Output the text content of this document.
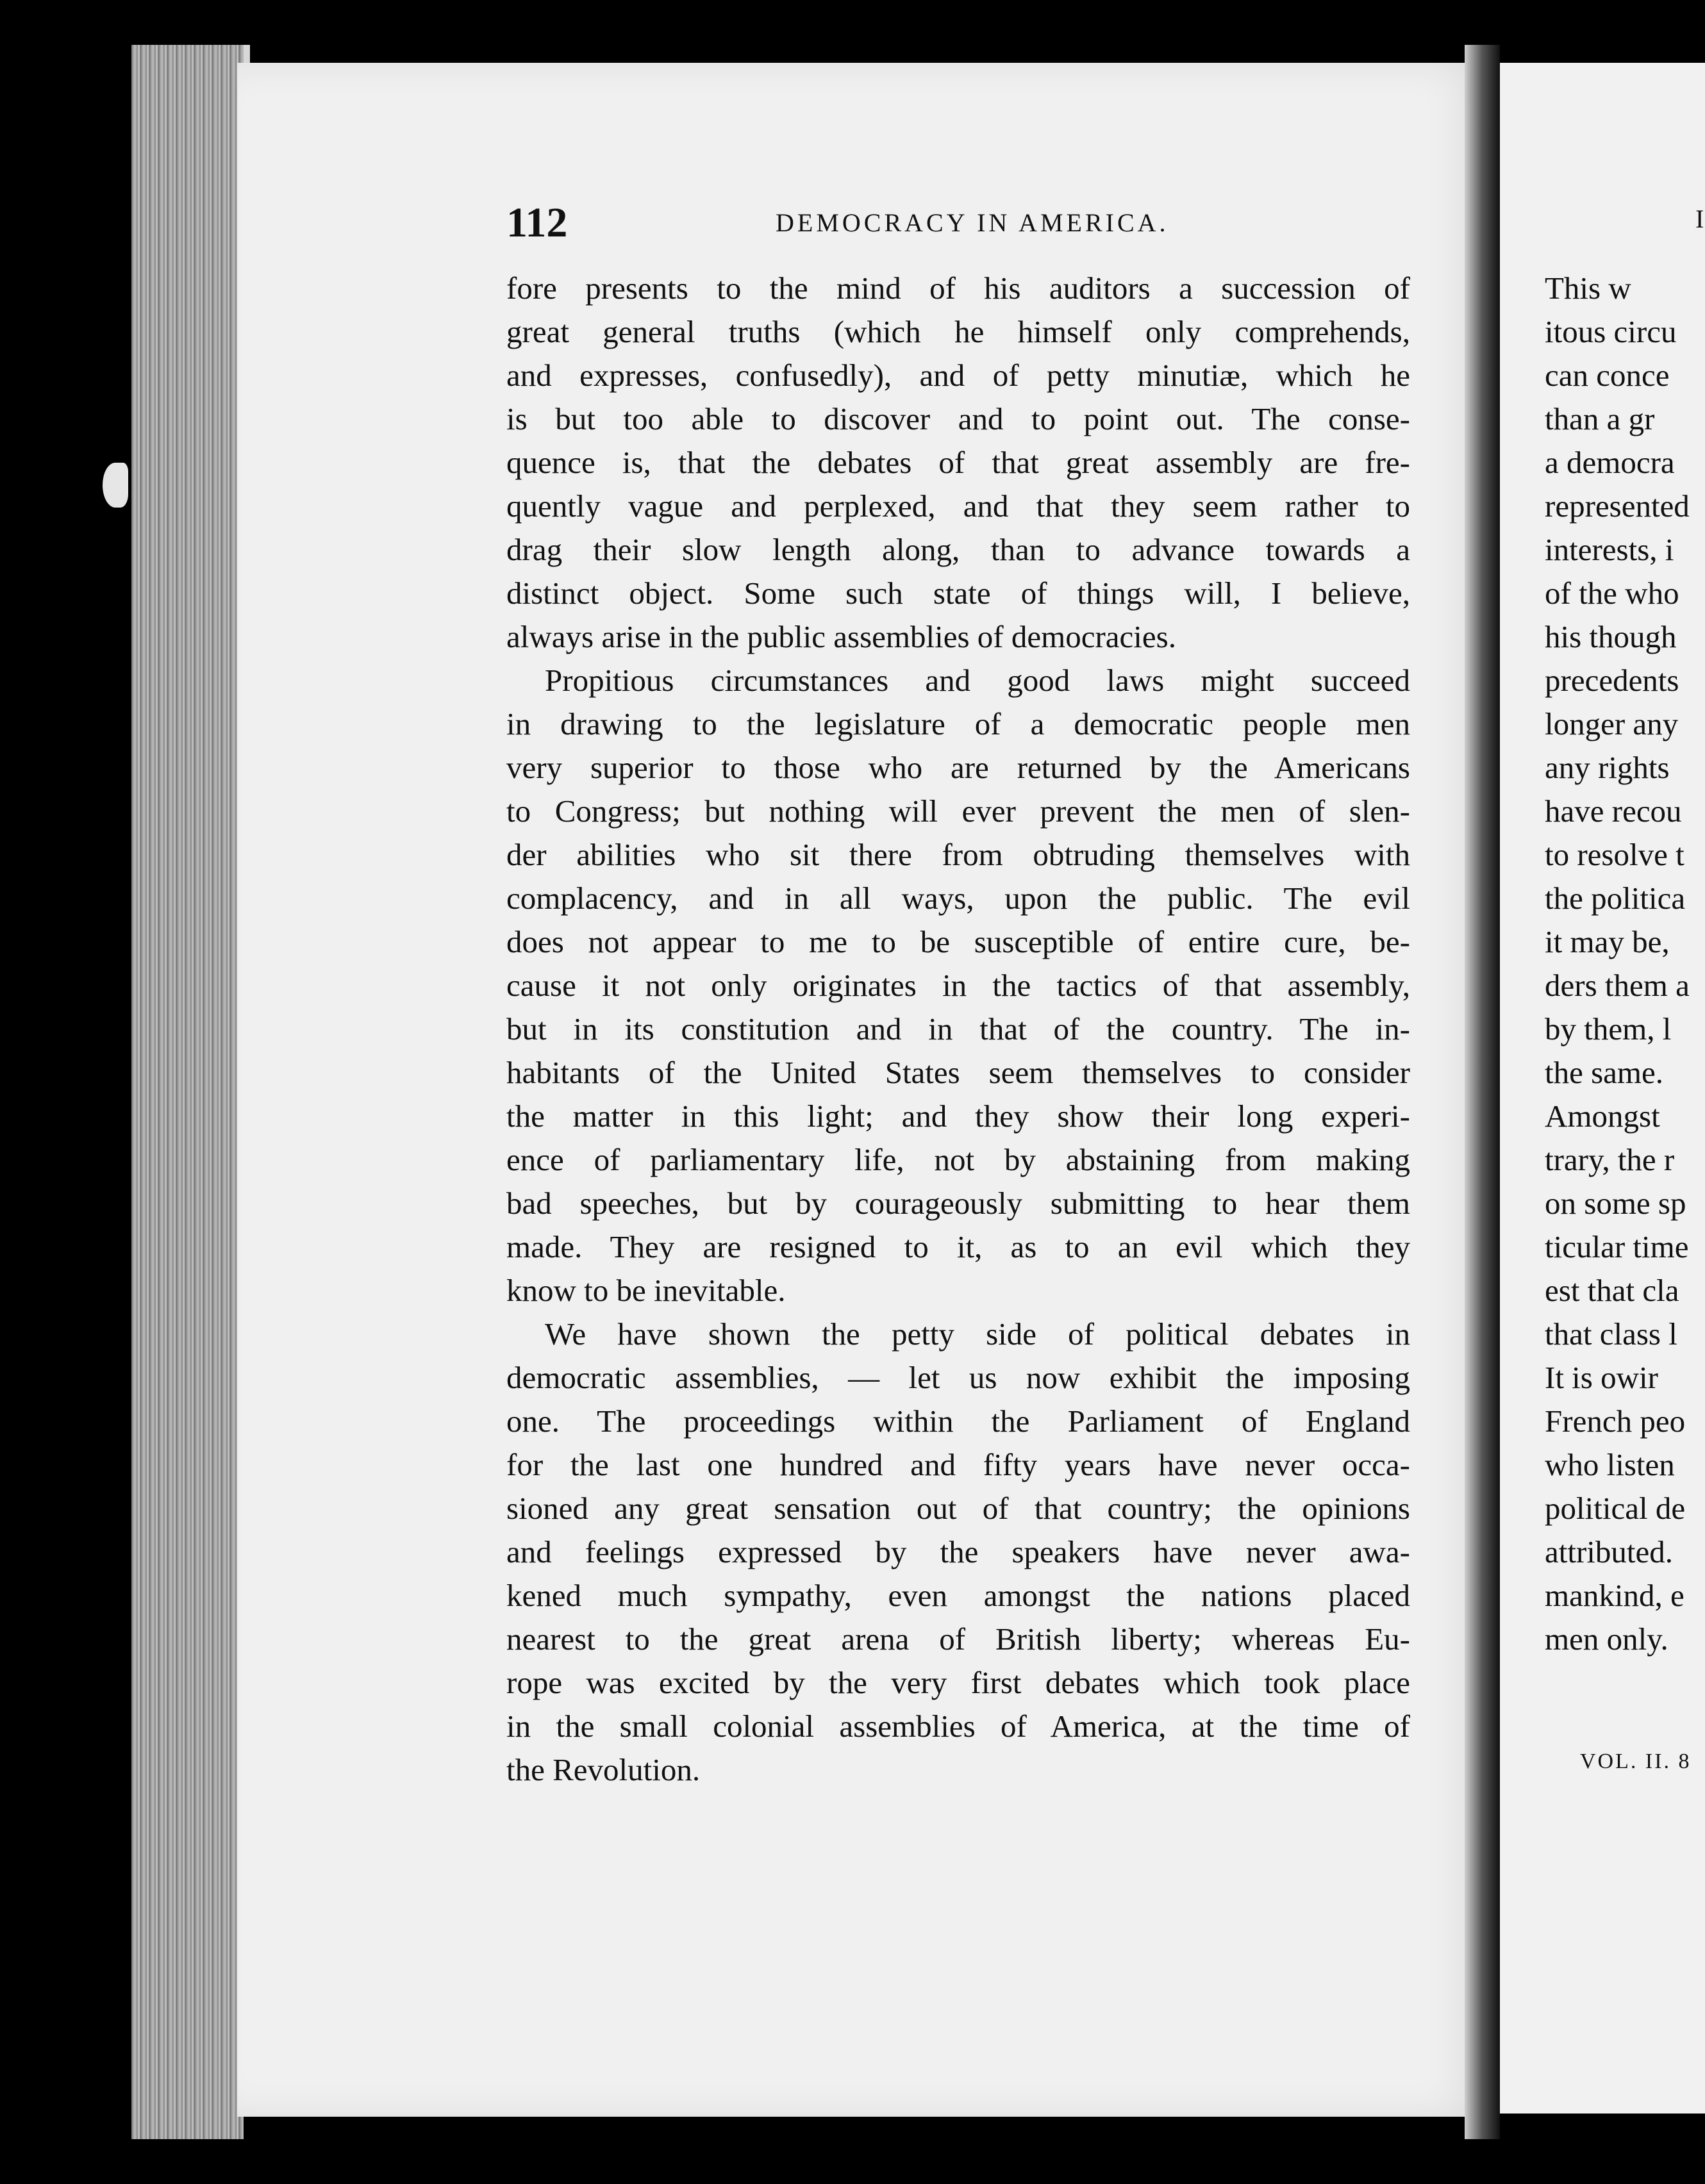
112	DEMOCRACY IN AMERICA.
fore presents to the mind of his auditors a succession of
great general truths (which he himself only comprehends,
and expresses, confusedly), and of petty minutiæ, which he
is but too able to discover and to point out. The conse-
quence is, that the debates of that great assembly are fre-
quently vague and perplexed, and that they seem rather to
drag their slow length along, than to advance towards a
distinct object. Some such state of things will, I believe,
always arise in the public assemblies of democracies.
Propitious circumstances and good laws might succeed
in drawing to the legislature of a democratic people men
very superior to those who are returned by the Americans
to Congress; but nothing will ever prevent the men of slen-
der abilities who sit there from obtruding themselves with
complacency, and in all ways, upon the public. The evil
does not appear to me to be susceptible of entire cure, be-
cause it not only originates in the tactics of that assembly,
but in its constitution and in that of the country. The in-
habitants of the United States seem themselves to consider
the matter in this light; and they show their long experi-
ence of parliamentary life, not by abstaining from making
bad speeches, but by courageously submitting to hear them
made. They are resigned to it, as to an evil which they
know to be inevitable.
We have shown the petty side of political debates in
democratic assemblies, — let us now exhibit the imposing
one. The proceedings within the Parliament of England
for the last one hundred and fifty years have never occa-
sioned any great sensation out of that country; the opinions
and feelings expressed by the speakers have never awa-
kened much sympathy, even amongst the nations placed
nearest to the great arena of British liberty; whereas Eu-
rope was excited by the very first debates which took place
in the small colonial assemblies of America, at the time of
the Revolution.
I
This w
itous circu
can conce
than a gr
a democra
represented
interests, i
of the who
his though
precedents
longer any
any rights
have recou
to resolve t
the politica
it may be,
ders them a
by them, l
the same.
Amongst
trary, the r
on some sp
ticular time
est that cla
that class l
It is owir
French peo
who listen
political de
attributed.
mankind, e
men only.
VOL. II. 8
